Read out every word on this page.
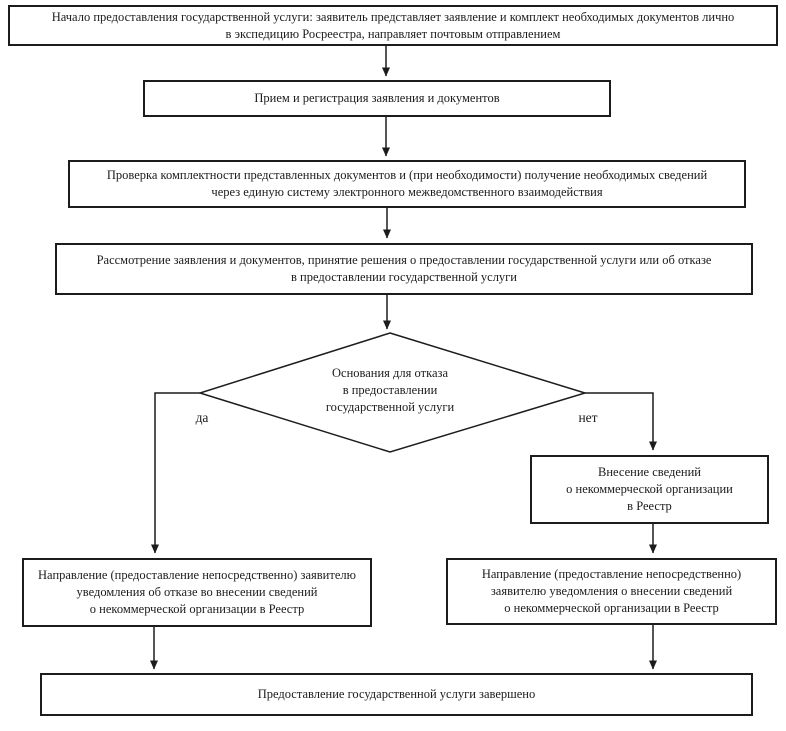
Начало предоставления государственной услуги: заявитель представляет заявление и комплект необходимых документов лично
в экспедицию Росреестра, направляет почтовым отправлением
Прием и регистрация заявления и документов
Проверка комплектности представленных документов и (при необходимости) получение необходимых сведений
через единую систему электронного межведомственного взаимодействия
Рассмотрение заявления и документов, принятие решения о предоставлении государственной услуги или об отказе
в предоставлении государственной услуги
Основания для отказа
в предоставлении
государственной услуги
да	нет
Внесение сведений
о некоммерческой организации
в Реестр
Направление (предоставление непосредственно) заявителю
уведомления об отказе во внесении сведений
о некоммерческой организации в Реестр
Направление (предоставление непосредственно)
заявителю уведомления о внесении сведений
о некоммерческой организации в Реестр
Предоставление государственной услуги завершено
